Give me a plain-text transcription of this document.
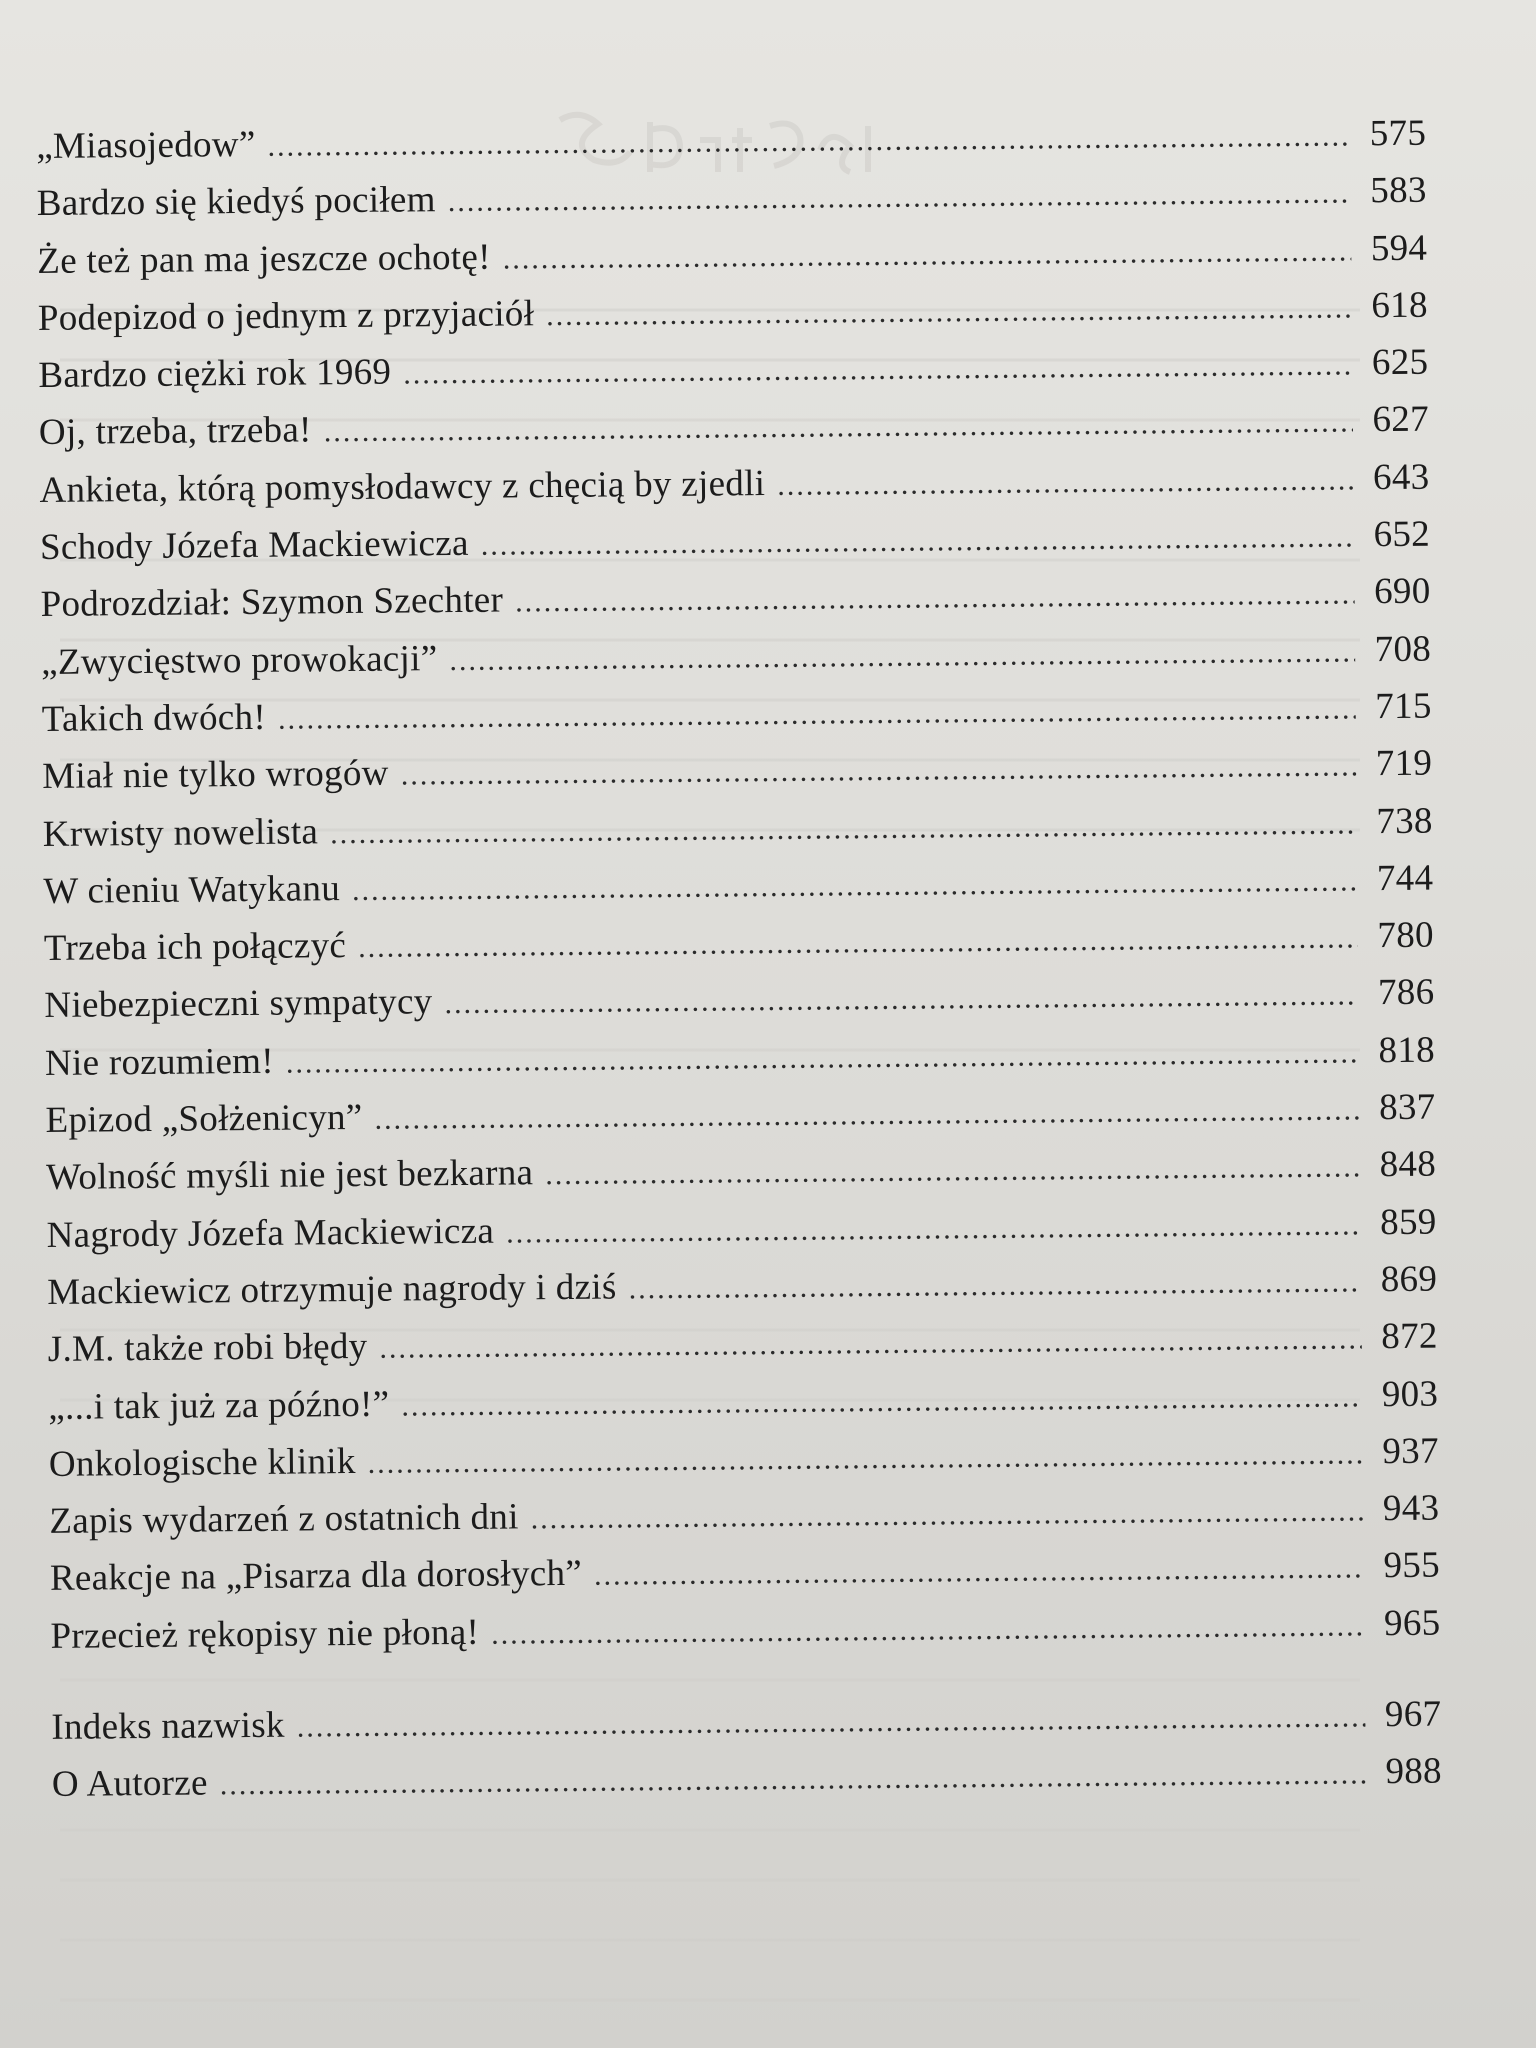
„Miasojedow” .....	575
Bardzo się kiedyś pociłem .....	583
Że też pan ma jeszcze ochotę! .....	594
Podepizod o jednym z przyjaciół .....	618
Bardzo ciężki rok 1969 .....	625
Oj, trzeba, trzeba! .....	627
Ankieta, którą pomysłodawcy z chęcią by zjedli .....	643
Schody Józefa Mackiewicza .....	652
Podrozdział: Szymon Szechter .....	690
„Zwycięstwo prowokacji” .....	708
Takich dwóch! .....	715
Miał nie tylko wrogów .....	719
Krwisty nowelista .....	738
W cieniu Watykanu .....	744
Trzeba ich połączyć .....	780
Niebezpieczni sympatycy .....	786
Nie rozumiem! .....	818
Epizod „Sołżenicyn” .....	837
Wolność myśli nie jest bezkarna .....	848
Nagrody Józefa Mackiewicza .....	859
Mackiewicz otrzymuje nagrody i dziś .....	869
J.M. także robi błędy .....	872
„...i tak już za późno!” .....	903
Onkologische klinik .....	937
Zapis wydarzeń z ostatnich dni .....	943
Reakcje na „Pisarza dla dorosłych” .....	955
Przecież rękopisy nie płoną! .....	965
Indeks nazwisk .....	967
O Autorze .....	988
